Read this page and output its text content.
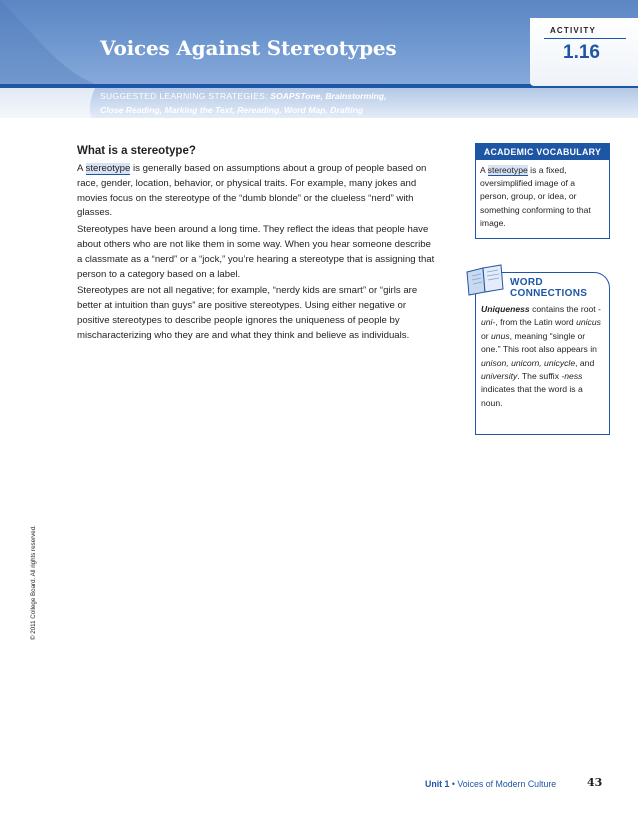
Voices Against Stereotypes
ACTIVITY
1.16
SUGGESTED LEARNING STRATEGIES: SOAPSTone, Brainstorming,
Close Reading, Marking the Text, Rereading, Word Map, Drafting
What is a stereotype?

A stereotype is generally based on assumptions about a group of people based on race, gender, location, behavior, or physical traits. For example, many jokes and movies focus on the stereotype of the “dumb blonde” or the clueless “nerd” with glasses.

Stereotypes have been around a long time. They reflect the ideas that people have about others who are not like them in some way. When you hear someone describe a classmate as a “nerd” or a “jock,” you’re hearing a stereotype that is assigning that person to a category based on a label.

Stereotypes are not all negative; for example, “nerdy kids are smart” or “girls are better at intuition than guys” are positive stereotypes. Using either negative or positive stereotypes to describe people ignores the uniqueness of people by mischaracterizing who they are and what they think and believe as individuals.

ACADEMIC VOCABULARY
A stereotype is a fixed, oversimplified image of a person, group, or idea, or something conforming to that image.
WORD
CONNECTIONS
Uniqueness contains the root -uni-, from the Latin word unicus or unus, meaning “single or one.” This root also appears in unison, unicorn, unicycle, and university. The suffix -ness indicates that the word is a noun.
© 2011 College Board. All rights reserved.
Unit 1 • Voices of Modern Culture	43
